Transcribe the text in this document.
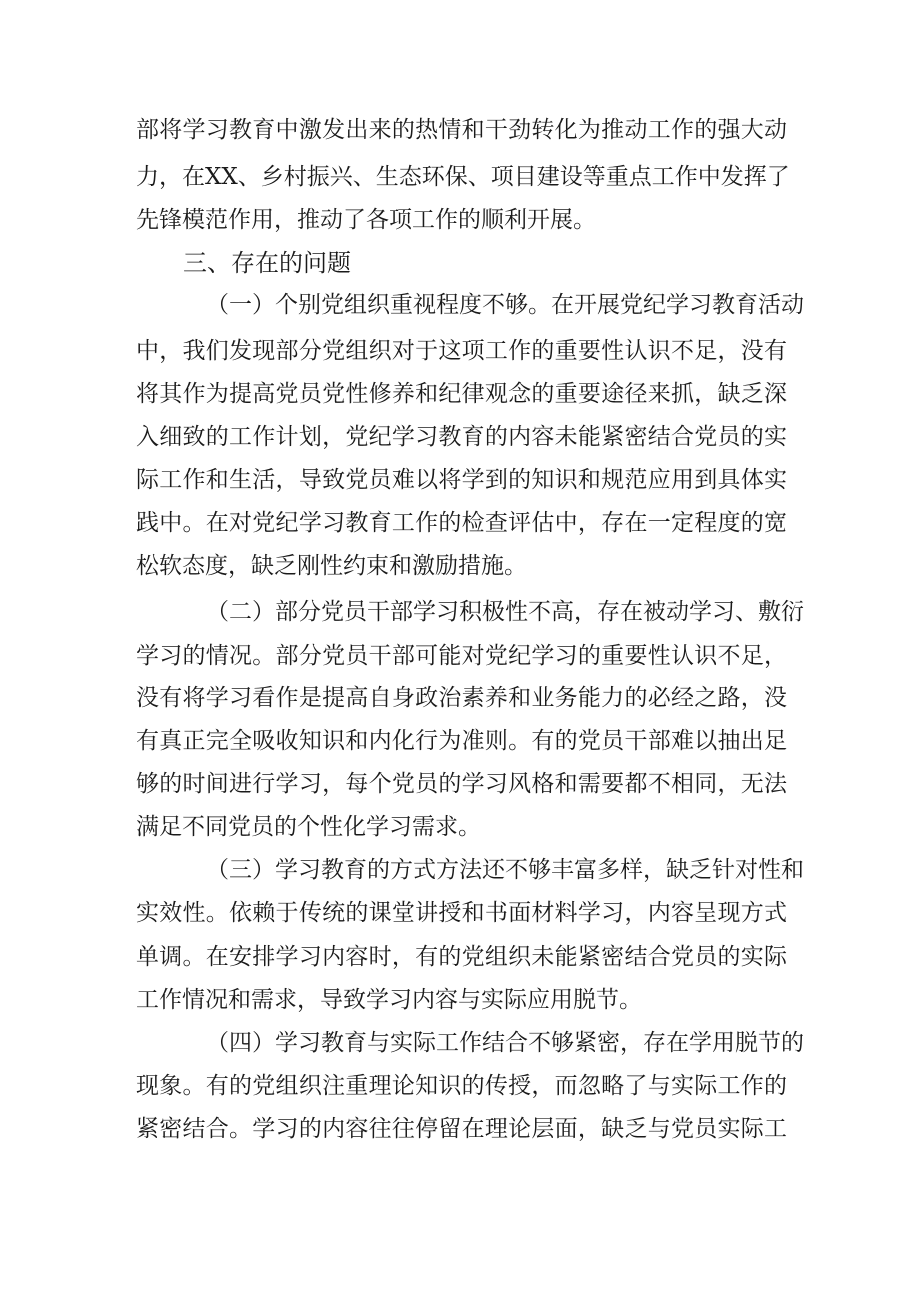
部将学习教育中激发出来的热情和干劲转化为推动工作的强大动
力，在XX、乡村振兴、生态环保、项目建设等重点工作中发挥了
先锋模范作用，推动了各项工作的顺利开展。
三、存在的问题
（一）个别党组织重视程度不够。在开展党纪学习教育活动
中，我们发现部分党组织对于这项工作的重要性认识不足，没有
将其作为提高党员党性修养和纪律观念的重要途径来抓，缺乏深
入细致的工作计划，党纪学习教育的内容未能紧密结合党员的实
际工作和生活，导致党员难以将学到的知识和规范应用到具体实
践中。在对党纪学习教育工作的检查评估中，存在一定程度的宽
松软态度，缺乏刚性约束和激励措施。
（二）部分党员干部学习积极性不高，存在被动学习、敷衍
学习的情况。部分党员干部可能对党纪学习的重要性认识不足，
没有将学习看作是提高自身政治素养和业务能力的必经之路，没
有真正完全吸收知识和内化行为准则。有的党员干部难以抽出足
够的时间进行学习，每个党员的学习风格和需要都不相同，无法
满足不同党员的个性化学习需求。
（三）学习教育的方式方法还不够丰富多样，缺乏针对性和
实效性。依赖于传统的课堂讲授和书面材料学习，内容呈现方式
单调。在安排学习内容时，有的党组织未能紧密结合党员的实际
工作情况和需求，导致学习内容与实际应用脱节。
（四）学习教育与实际工作结合不够紧密，存在学用脱节的
现象。有的党组织注重理论知识的传授，而忽略了与实际工作的
紧密结合。学习的内容往往停留在理论层面，缺乏与党员实际工
